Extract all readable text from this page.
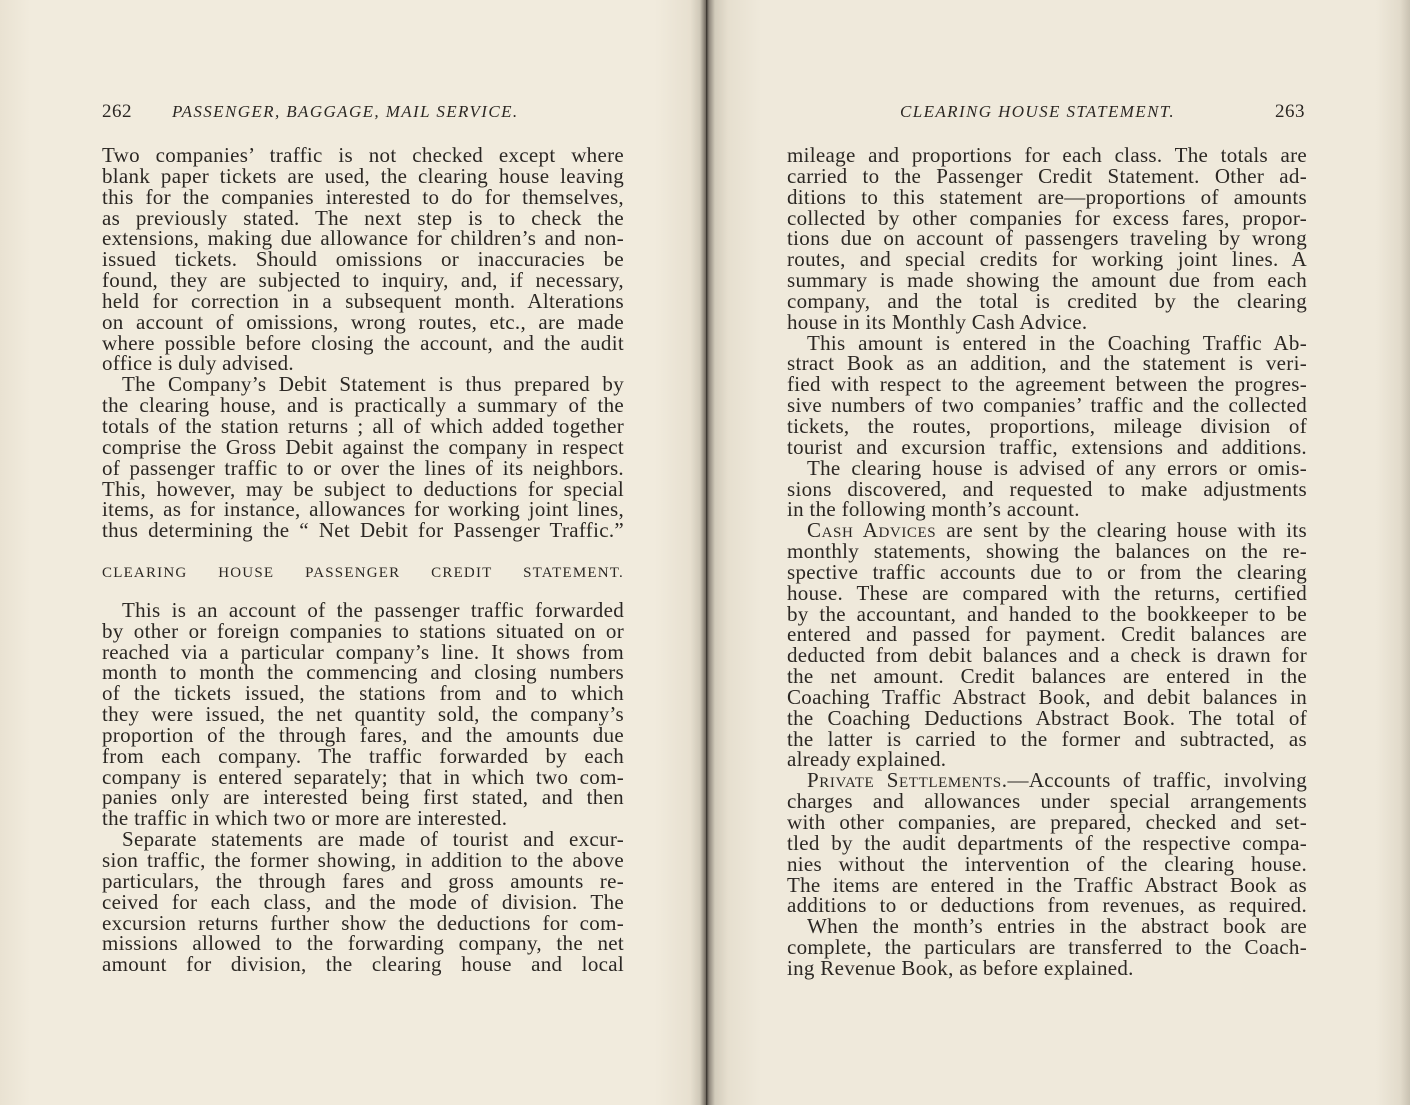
262 PASSENGER, BAGGAGE, MAIL SERVICE.
Two companies’ traffic is not checked except where
blank paper tickets are used, the clearing house leaving
this for the companies interested to do for themselves,
as previously stated. The next step is to check the
extensions, making due allowance for children’s and non-
issued tickets. Should omissions or inaccuracies be
found, they are subjected to inquiry, and, if necessary,
held for correction in a subsequent month. Alterations
on account of omissions, wrong routes, etc., are made
where possible before closing the account, and the audit
office is duly advised.
The Company’s Debit Statement is thus prepared by
the clearing house, and is practically a summary of the
totals of the station returns ; all of which added together
comprise the Gross Debit against the company in respect
of passenger traffic to or over the lines of its neighbors.
This, however, may be subject to deductions for special
items, as for instance, allowances for working joint lines,
thus determining the “ Net Debit for Passenger Traffic.”
CLEARING HOUSE PASSENGER CREDIT STATEMENT.
This is an account of the passenger traffic forwarded
by other or foreign companies to stations situated on or
reached via a particular company’s line. It shows from
month to month the commencing and closing numbers
of the tickets issued, the stations from and to which
they were issued, the net quantity sold, the company’s
proportion of the through fares, and the amounts due
from each company. The traffic forwarded by each
company is entered separately; that in which two com-
panies only are interested being first stated, and then
the traffic in which two or more are interested.
Separate statements are made of tourist and excur-
sion traffic, the former showing, in addition to the above
particulars, the through fares and gross amounts re-
ceived for each class, and the mode of division. The
excursion returns further show the deductions for com-
missions allowed to the forwarding company, the net
amount for division, the clearing house and local
CLEARING HOUSE STATEMENT.	263
mileage and proportions for each class. The totals are
carried to the Passenger Credit Statement. Other ad-
ditions to this statement are—proportions of amounts
collected by other companies for excess fares, propor-
tions due on account of passengers traveling by wrong
routes, and special credits for working joint lines. A
summary is made showing the amount due from each
company, and the total is credited by the clearing
house in its Monthly Cash Advice.
This amount is entered in the Coaching Traffic Ab-
stract Book as an addition, and the statement is veri-
fied with respect to the agreement between the progres-
sive numbers of two companies’ traffic and the collected
tickets, the routes, proportions, mileage division of
tourist and excursion traffic, extensions and additions.
The clearing house is advised of any errors or omis-
sions discovered, and requested to make adjustments
in the following month’s account.
Cash Advices are sent by the clearing house with its
monthly statements, showing the balances on the re-
spective traffic accounts due to or from the clearing
house. These are compared with the returns, certified
by the accountant, and handed to the bookkeeper to be
entered and passed for payment. Credit balances are
deducted from debit balances and a check is drawn for
the net amount. Credit balances are entered in the
Coaching Traffic Abstract Book, and debit balances in
the Coaching Deductions Abstract Book. The total of
the latter is carried to the former and subtracted, as
already explained.
Private Settlements.—Accounts of traffic, involving
charges and allowances under special arrangements
with other companies, are prepared, checked and set-
tled by the audit departments of the respective compa-
nies without the intervention of the clearing house.
The items are entered in the Traffic Abstract Book as
additions to or deductions from revenues, as required.
When the month’s entries in the abstract book are
complete, the particulars are transferred to the Coach-
ing Revenue Book, as before explained.
